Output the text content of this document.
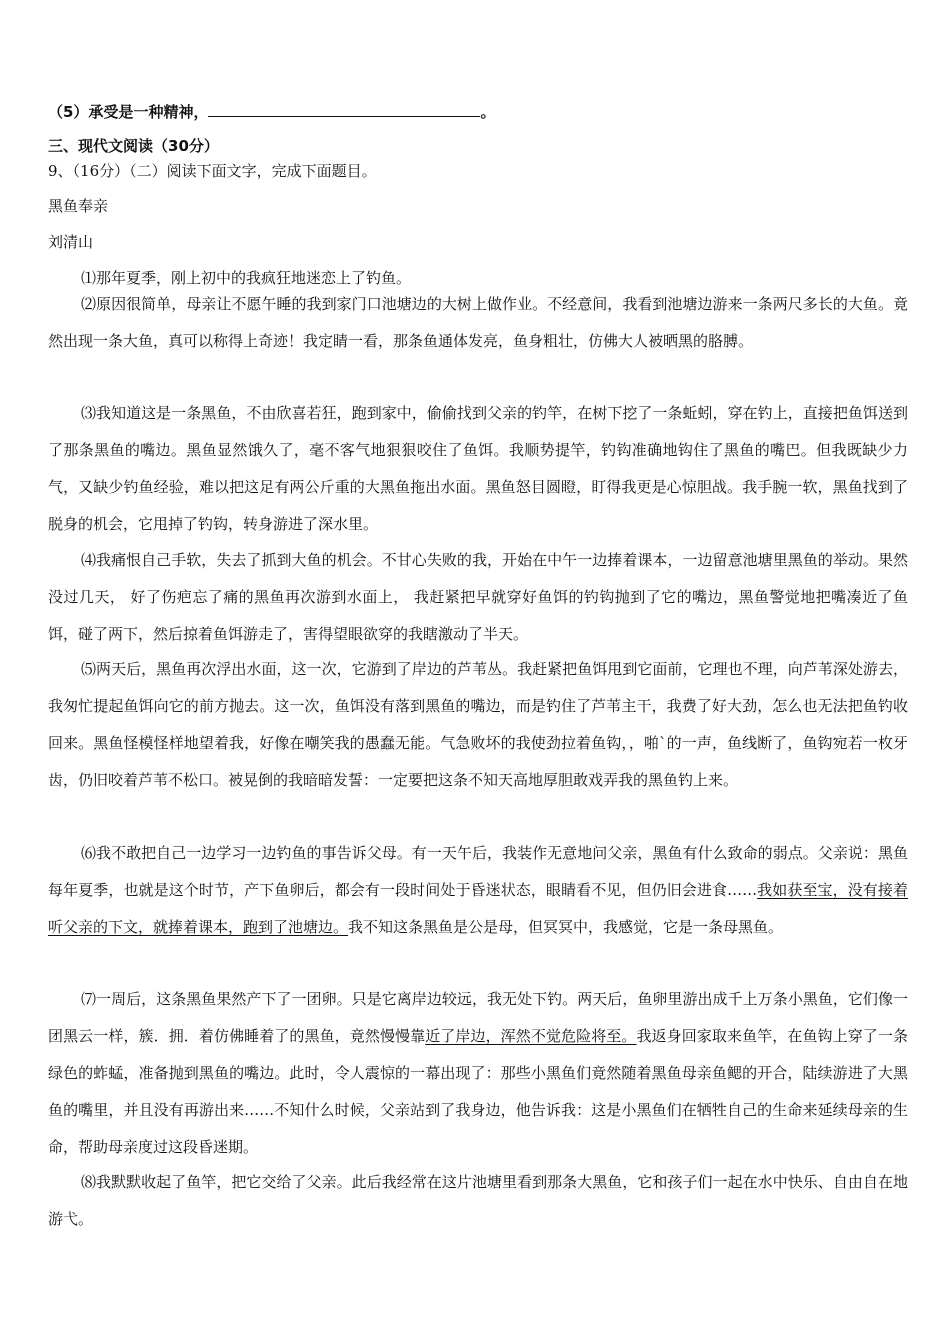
（5）承受是一种精神，	。
三、现代文阅读（30分）
9、（16分）（二）阅读下面文字，完成下面题目。
黑鱼奉亲
刘清山
⑴那年夏季，刚上初中的我疯狂地迷恋上了钓鱼。
⑵原因很简单，母亲让不愿午睡的我到家门口池塘边的大树上做作业。不经意间，我看到池塘边游来一条两尺多长的大鱼。竟然出现一条大鱼，真可以称得上奇迹！我定睛一看，那条鱼通体发亮，鱼身粗壮，仿佛大人被晒黑的胳膊。
⑶我知道这是一条黑鱼，不由欣喜若狂，跑到家中，偷偷找到父亲的钓竿，在树下挖了一条蚯蚓，穿在钓上，直接把鱼饵送到了那条黑鱼的嘴边。黑鱼显然饿久了，毫不客气地狠狠咬住了鱼饵。我顺势提竿，钓钩准确地钩住了黑鱼的嘴巴。但我既缺少力气，又缺少钓鱼经验，难以把这足有两公斤重的大黑鱼拖出水面。黑鱼怒目圆瞪，盯得我更是心惊胆战。我手腕一软，黑鱼找到了脱身的机会，它甩掉了钓钩，转身游进了深水里。
⑷我痛恨自己手软，失去了抓到大鱼的机会。不甘心失败的我，开始在中午一边捧着课本，一边留意池塘里黑鱼的举动。果然没过几天， 好了伤疤忘了痛的黑鱼再次游到水面上， 我赶紧把早就穿好鱼饵的钓钩抛到了它的嘴边，黑鱼警觉地把嘴凑近了鱼饵，碰了两下，然后掠着鱼饵游走了，害得望眼欲穿的我瞎激动了半天。
⑸两天后，黑鱼再次浮出水面，这一次，它游到了岸边的芦苇丛。我赶紧把鱼饵甩到它面前，它理也不理，向芦苇深处游去，我匆忙提起鱼饵向它的前方抛去。这一次，鱼饵没有落到黑鱼的嘴边，而是钓住了芦苇主干，我费了好大劲，怎么也无法把鱼钓收回来。黑鱼怪模怪样地望着我，好像在嘲笑我的愚蠢无能。气急败坏的我使劲拉着鱼钩，，啪`的一声，鱼线断了，鱼钩宛若一枚牙齿，仍旧咬着芦苇不松口。被晃倒的我暗暗发誓：一定要把这条不知天高地厚胆敢戏弄我的黑鱼钓上来。
⑹我不敢把自己一边学习一边钓鱼的事告诉父母。有一天午后，我装作无意地问父亲，黑鱼有什么致命的弱点。父亲说：黑鱼每年夏季，也就是这个时节，产下鱼卵后，都会有一段时间处于昏迷状态，眼睛看不见，但仍旧会进食……我如获至宝，没有接着听父亲的下文，就捧着课本，跑到了池塘边。我不知这条黑鱼是公是母，但冥冥中，我感觉，它是一条母黑鱼。
⑺一周后，这条黑鱼果然产下了一团卵。只是它离岸边较远，我无处下钓。两天后，鱼卵里游出成千上万条小黑鱼，它们像一团黑云一样，簇．拥．着仿佛睡着了的黑鱼，竟然慢慢靠近了岸边，浑然不觉危险将至。我返身回家取来鱼竿，在鱼钩上穿了一条绿色的蚱蜢，准备抛到黑鱼的嘴边。此时，令人震惊的一幕出现了：那些小黑鱼们竟然随着黑鱼母亲鱼鳃的开合，陆续游进了大黑鱼的嘴里，并且没有再游出来……不知什么时候，父亲站到了我身边，他告诉我：这是小黑鱼们在牺牲自己的生命来延续母亲的生命，帮助母亲度过这段昏迷期。
⑻我默默收起了鱼竿，把它交给了父亲。此后我经常在这片池塘里看到那条大黑鱼，它和孩子们一起在水中快乐、自由自在地游弋。
